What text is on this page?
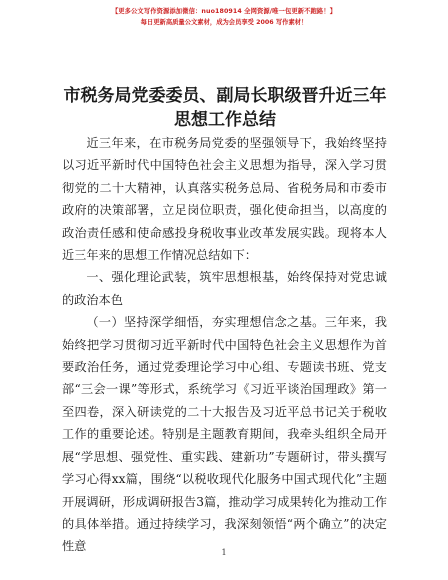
【更多公文写作资源添加微信：nuo180914 全网资源∕唯一包更新不跑路！】
每日更新高质量公文素材，成为会员享受 2006 写作素材！
市税务局党委委员、副局长职级晋升近三年思想工作总结

近三年来，在市税务局党委的坚强领导下，我始终坚持以习近平新时代中国特色社会主义思想为指导，深入学习贯彻党的二十大精神，认真落实税务总局、省税务局和市委市政府的决策部署，立足岗位职责，强化使命担当，以高度的政治责任感和使命感投身税收事业改革发展实践。现将本人近三年来的思想工作情况总结如下：

一、强化理论武装，筑牢思想根基，始终保持对党忠诚的政治本色

（一）坚持深学细悟，夯实理想信念之基。三年来，我始终把学习贯彻习近平新时代中国特色社会主义思想作为首要政治任务，通过党委理论学习中心组、专题读书班、党支部“三会一课”等形式，系统学习《习近平谈治国理政》第一至四卷，深入研读党的二十大报告及习近平总书记关于税收工作的重要论述。特别是主题教育期间，我牵头组织全局开展“学思想、强党性、重实践、建新功”专题研讨，带头撰写学习心得xx篇，围绕“以税收现代化服务中国式现代化”主题开展调研，形成调研报告3篇，推动学习成果转化为推动工作的具体举措。通过持续学习，我深刻领悟“两个确立”的决定性意	1
